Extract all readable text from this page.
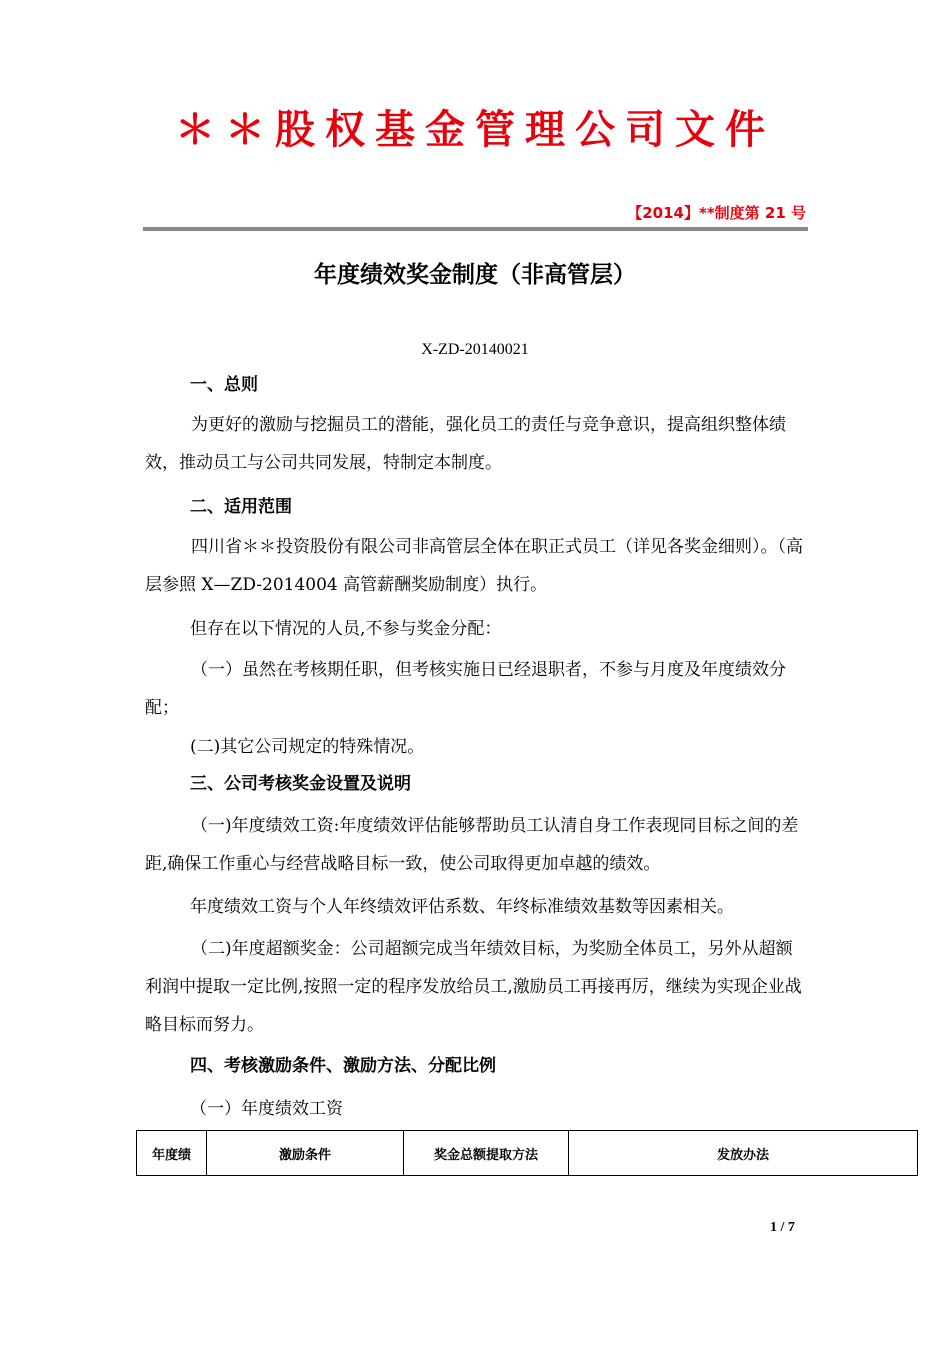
＊＊股权基金管理公司文件
【2014】**制度第 21 号
年度绩效奖金制度（非高管层）
X-ZD-20140021
一、总则
为更好的激励与挖掘员工的潜能，强化员工的责任与竞争意识，提高组织整体绩效，推动员工与公司共同发展，特制定本制度。
二、适用范围
四川省＊＊投资股份有限公司非高管层全体在职正式员工（详见各奖金细则）。（高层参照 X—ZD-2014004 高管薪酬奖励制度）执行。
但存在以下情况的人员,不参与奖金分配：
（一）虽然在考核期任职，但考核实施日已经退职者，不参与月度及年度绩效分配；
(二)其它公司规定的特殊情况。
三、公司考核奖金设置及说明
（一)年度绩效工资:年度绩效评估能够帮助员工认清自身工作表现同目标之间的差距,确保工作重心与经营战略目标一致，使公司取得更加卓越的绩效。
年度绩效工资与个人年终绩效评估系数、年终标准绩效基数等因素相关。
（二)年度超额奖金：公司超额完成当年绩效目标，为奖励全体员工，另外从超额利润中提取一定比例,按照一定的程序发放给员工,激励员工再接再厉，继续为实现企业战略目标而努力。
四、考核激励条件、激励方法、分配比例
（一）年度绩效工资
年度绩	激励条件	奖金总额提取方法	发放办法
1 / 7
